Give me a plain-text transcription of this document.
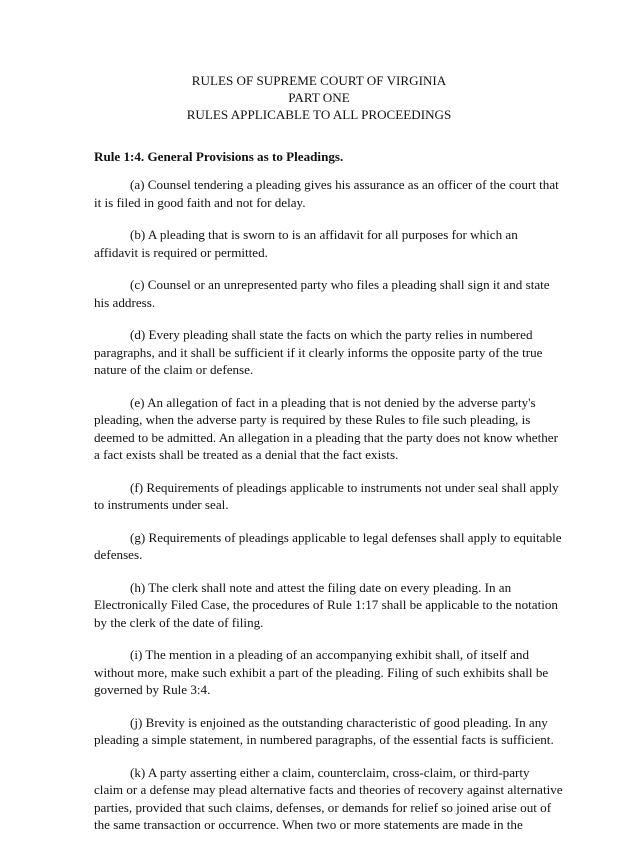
RULES OF SUPREME COURT OF VIRGINIA
PART ONE
RULES APPLICABLE TO ALL PROCEEDINGS
Rule 1:4. General Provisions as to Pleadings.
(a) Counsel tendering a pleading gives his assurance as an officer of the court that
it is filed in good faith and not for delay.
(b) A pleading that is sworn to is an affidavit for all purposes for which an
affidavit is required or permitted.
(c) Counsel or an unrepresented party who files a pleading shall sign it and state
his address.
(d) Every pleading shall state the facts on which the party relies in numbered
paragraphs, and it shall be sufficient if it clearly informs the opposite party of the true
nature of the claim or defense.
(e) An allegation of fact in a pleading that is not denied by the adverse party's
pleading, when the adverse party is required by these Rules to file such pleading, is
deemed to be admitted. An allegation in a pleading that the party does not know whether
a fact exists shall be treated as a denial that the fact exists.
(f) Requirements of pleadings applicable to instruments not under seal shall apply
to instruments under seal.
(g) Requirements of pleadings applicable to legal defenses shall apply to equitable
defenses.
(h) The clerk shall note and attest the filing date on every pleading. In an
Electronically Filed Case, the procedures of Rule 1:17 shall be applicable to the notation
by the clerk of the date of filing.
(i) The mention in a pleading of an accompanying exhibit shall, of itself and
without more, make such exhibit a part of the pleading. Filing of such exhibits shall be
governed by Rule 3:4.
(j) Brevity is enjoined as the outstanding characteristic of good pleading. In any
pleading a simple statement, in numbered paragraphs, of the essential facts is sufficient.
(k) A party asserting either a claim, counterclaim, cross-claim, or third-party
claim or a defense may plead alternative facts and theories of recovery against alternative
parties, provided that such claims, defenses, or demands for relief so joined arise out of
the same transaction or occurrence. When two or more statements are made in the
